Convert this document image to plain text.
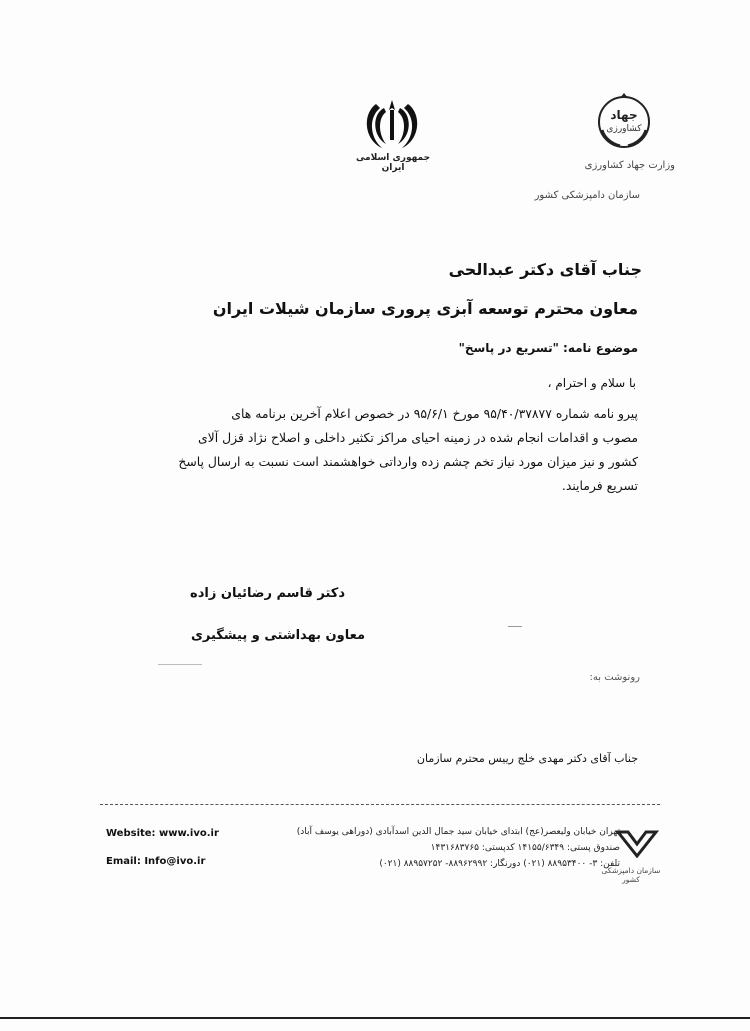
جمهوری اسلامی ایران
جهاد
کشاورزی
وزارت جهاد کشاورزی
سازمان دامپزشکی کشور
جناب آقای دکتر عبدالحی
معاون محترم توسعه آبزی پروری سازمان شیلات ایران
موضوع نامه: "تسریع در پاسخ"
با سلام و احترام ،

پیرو نامه شماره ۹۵/۴۰/۳۷۸۷۷ مورخ ۹۵/۶/۱ در خصوص اعلام آخرین برنامه های

مصوب و اقدامات انجام شده در زمینه احیای مراکز تکثیر داخلی و اصلاح نژاد قزل آلای

کشور و نیز میزان مورد نیاز تخم چشم زده وارداتی خواهشمند است نسبت به ارسال پاسخ

تسریع فرمایند.

دکتر قاسم رضائیان زاده
معاون بهداشتی و پیشگیری
رونوشت به:
جناب آقای دکتر مهدی خلج رییس محترم سازمان
تهران خیابان ولیعصر(عج) ابتدای خیابان سید جمال الدین اسدآبادی (دوراهی یوسف آباد)
صندوق پستی: ۱۴۱۵۵/۶۳۴۹ کدپستی: ۱۴۳۱۶۸۳۷۶۵
تلفن: ۳- ۸۸۹۵۳۴۰۰ (۰۲۱) دورنگار: ۸۸۹۶۲۹۹۲- ۸۸۹۵۷۲۵۲ (۰۲۱)
سازمان دامپزشکی کشور
Website: www.ivo.ir
Email: Info@ivo.ir
